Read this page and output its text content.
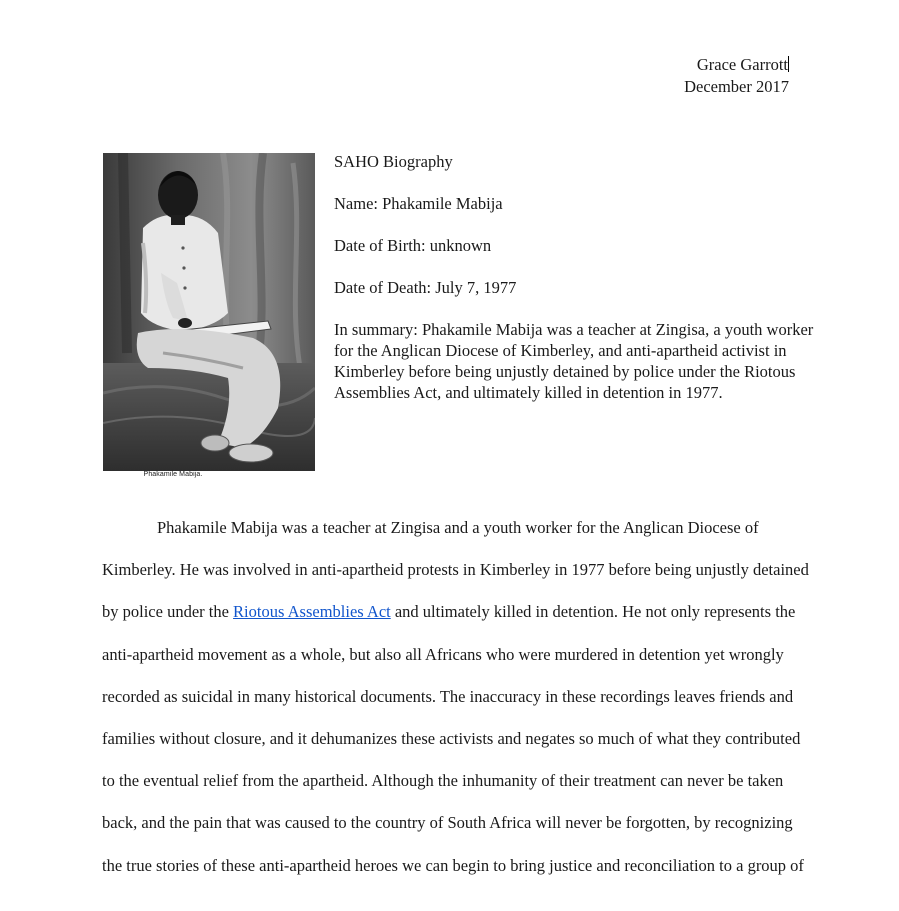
Grace Garrott
December 2017
Phakamile Mabija.

SAHO Biography

Name: Phakamile Mabija

Date of Birth: unknown

Date of Death: July 7, 1977

In summary: Phakamile Mabija was a teacher at Zingisa, a youth worker for the Anglican Diocese of Kimberley, and anti-apartheid activist in Kimberley before being unjustly detained by police under the Riotous Assemblies Act, and ultimately killed in detention in 1977.

Phakamile Mabija was a teacher at Zingisa and a youth worker for the Anglican Diocese of Kimberley. He was involved in anti-apartheid protests in Kimberley in 1977 before being unjustly detained by police under the Riotous Assemblies Act and ultimately killed in detention. He not only represents the anti-apartheid movement as a whole, but also all Africans who were murdered in detention yet wrongly recorded as suicidal in many historical documents. The inaccuracy in these recordings leaves friends and families without closure, and it dehumanizes these activists and negates so much of what they contributed to the eventual relief from the apartheid. Although the inhumanity of their treatment can never be taken back, and the pain that was caused to the country of South Africa will never be forgotten, by recognizing the true stories of these anti-apartheid heroes we can begin to bring justice and reconciliation to a group of
